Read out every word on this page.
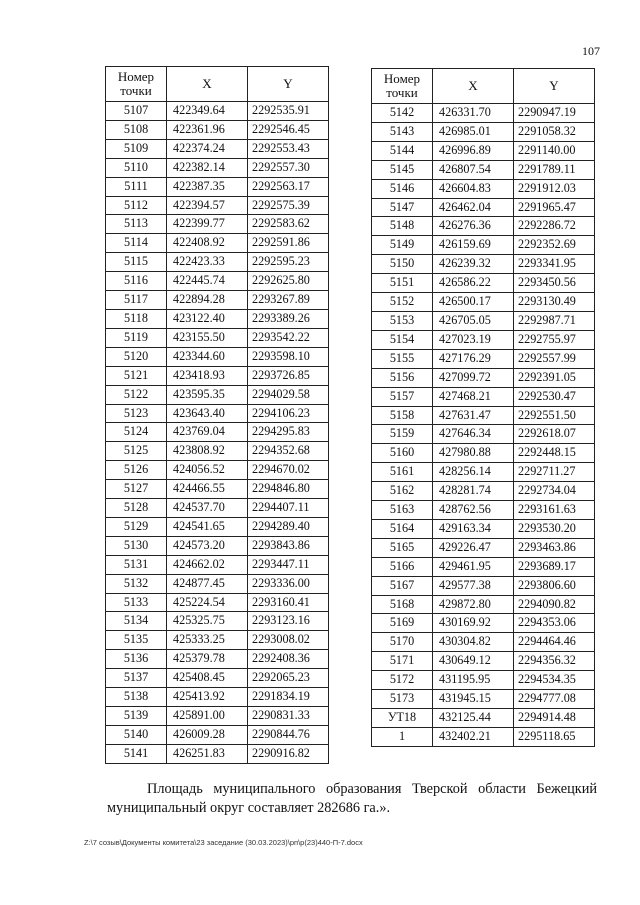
107
Номер
точки	X	Y
5107	422349.64	2292535.91
5108	422361.96	2292546.45
5109	422374.24	2292553.43
5110	422382.14	2292557.30
5111	422387.35	2292563.17
5112	422394.57	2292575.39
5113	422399.77	2292583.62
5114	422408.92	2292591.86
5115	422423.33	2292595.23
5116	422445.74	2292625.80
5117	422894.28	2293267.89
5118	423122.40	2293389.26
5119	423155.50	2293542.22
5120	423344.60	2293598.10
5121	423418.93	2293726.85
5122	423595.35	2294029.58
5123	423643.40	2294106.23
5124	423769.04	2294295.83
5125	423808.92	2294352.68
5126	424056.52	2294670.02
5127	424466.55	2294846.80
5128	424537.70	2294407.11
5129	424541.65	2294289.40
5130	424573.20	2293843.86
5131	424662.02	2293447.11
5132	424877.45	2293336.00
5133	425224.54	2293160.41
5134	425325.75	2293123.16
5135	425333.25	2293008.02
5136	425379.78	2292408.36
5137	425408.45	2292065.23
5138	425413.92	2291834.19
5139	425891.00	2290831.33
5140	426009.28	2290844.76
5141	426251.83	2290916.82
Номер
точки	X	Y
5142	426331.70	2290947.19
5143	426985.01	2291058.32
5144	426996.89	2291140.00
5145	426807.54	2291789.11
5146	426604.83	2291912.03
5147	426462.04	2291965.47
5148	426276.36	2292286.72
5149	426159.69	2292352.69
5150	426239.32	2293341.95
5151	426586.22	2293450.56
5152	426500.17	2293130.49
5153	426705.05	2292987.71
5154	427023.19	2292755.97
5155	427176.29	2292557.99
5156	427099.72	2292391.05
5157	427468.21	2292530.47
5158	427631.47	2292551.50
5159	427646.34	2292618.07
5160	427980.88	2292448.15
5161	428256.14	2292711.27
5162	428281.74	2292734.04
5163	428762.56	2293161.63
5164	429163.34	2293530.20
5165	429226.47	2293463.86
5166	429461.95	2293689.17
5167	429577.38	2293806.60
5168	429872.80	2294090.82
5169	430169.92	2294353.06
5170	430304.82	2294464.46
5171	430649.12	2294356.32
5172	431195.95	2294534.35
5173	431945.15	2294777.08
УТ18	432125.44	2294914.48
1	432402.21	2295118.65

Площадь муниципального образования Тверской области Бежецкий муниципальный округ составляет 282686 га.».

Z:\7 созыв\Документы комитета\23 заседание (30.03.2023)\рп\р(23)440-П-7.docx
